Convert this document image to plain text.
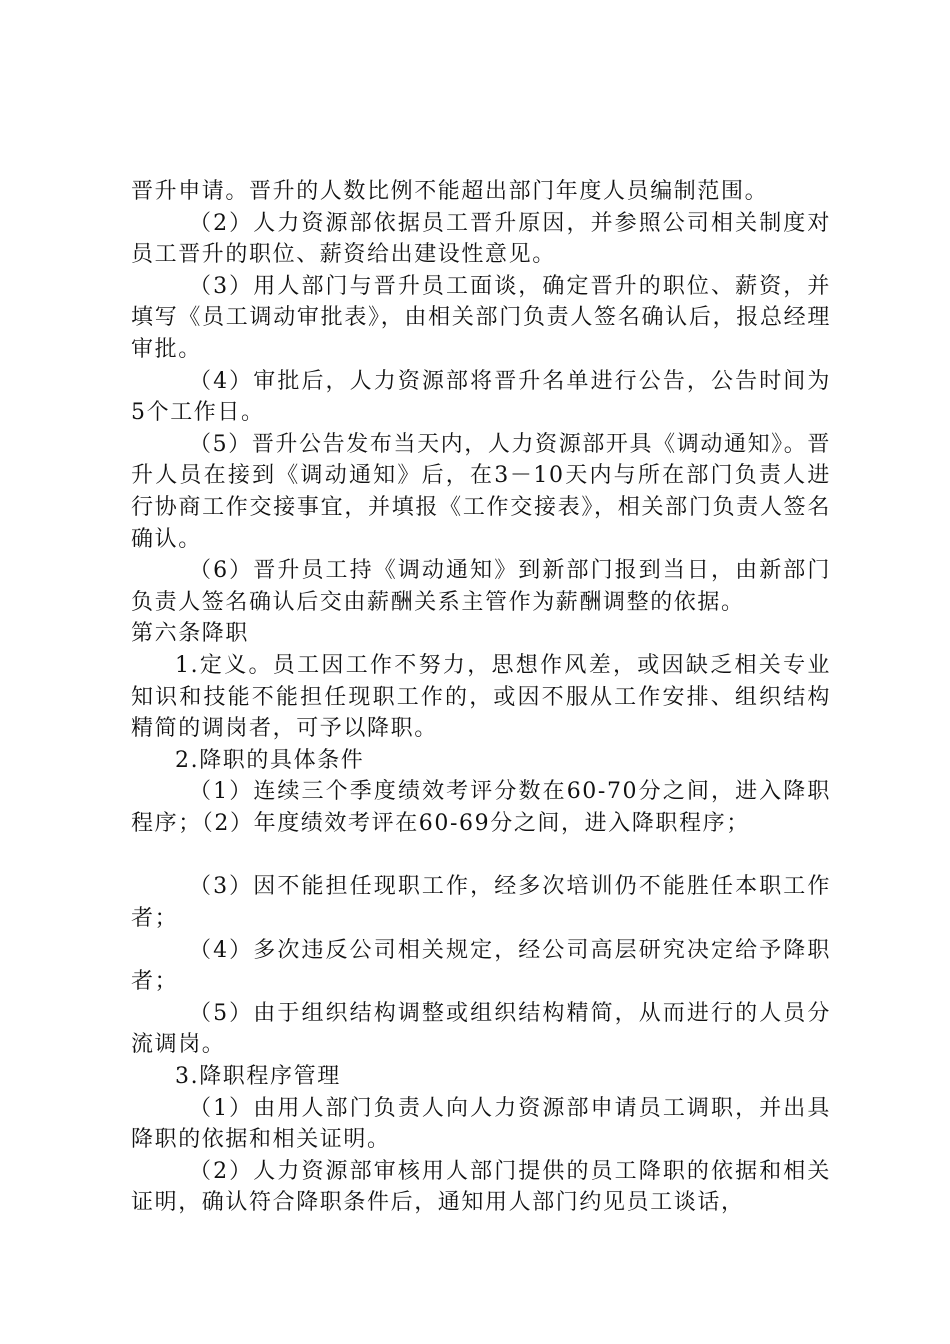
晋升申请。晋升的人数比例不能超出部门年度人员编制范围。

（2）人力资源部依据员工晋升原因，并参照公司相关制度对员工晋升的职位、薪资给出建设性意见。

（3）用人部门与晋升员工面谈，确定晋升的职位、薪资，并填写《员工调动审批表》，由相关部门负责人签名确认后，报总经理审批。

（4）审批后，人力资源部将晋升名单进行公告，公告时间为5个工作日。

（5）晋升公告发布当天内，人力资源部开具《调动通知》。晋升人员在接到《调动通知》后，在3－10天内与所在部门负责人进行协商工作交接事宜，并填报《工作交接表》，相关部门负责人签名确认。

（6）晋升员工持《调动通知》到新部门报到当日，由新部门负责人签名确认后交由薪酬关系主管作为薪酬调整的依据。

第六条降职

1.定义。员工因工作不努力，思想作风差，或因缺乏相关专业知识和技能不能担任现职工作的，或因不服从工作安排、组织结构精简的调岗者，可予以降职。

2.降职的具体条件

（1）连续三个季度绩效考评分数在60-70分之间，进入降职程序；（2）年度绩效考评在60-69分之间，进入降职程序；

（3）因不能担任现职工作，经多次培训仍不能胜任本职工作者；

（4）多次违反公司相关规定，经公司高层研究决定给予降职者；

（5）由于组织结构调整或组织结构精简，从而进行的人员分流调岗。

3.降职程序管理

（1）由用人部门负责人向人力资源部申请员工调职，并出具降职的依据和相关证明。

（2）人力资源部审核用人部门提供的员工降职的依据和相关证明，确认符合降职条件后，通知用人部门约见员工谈话，
